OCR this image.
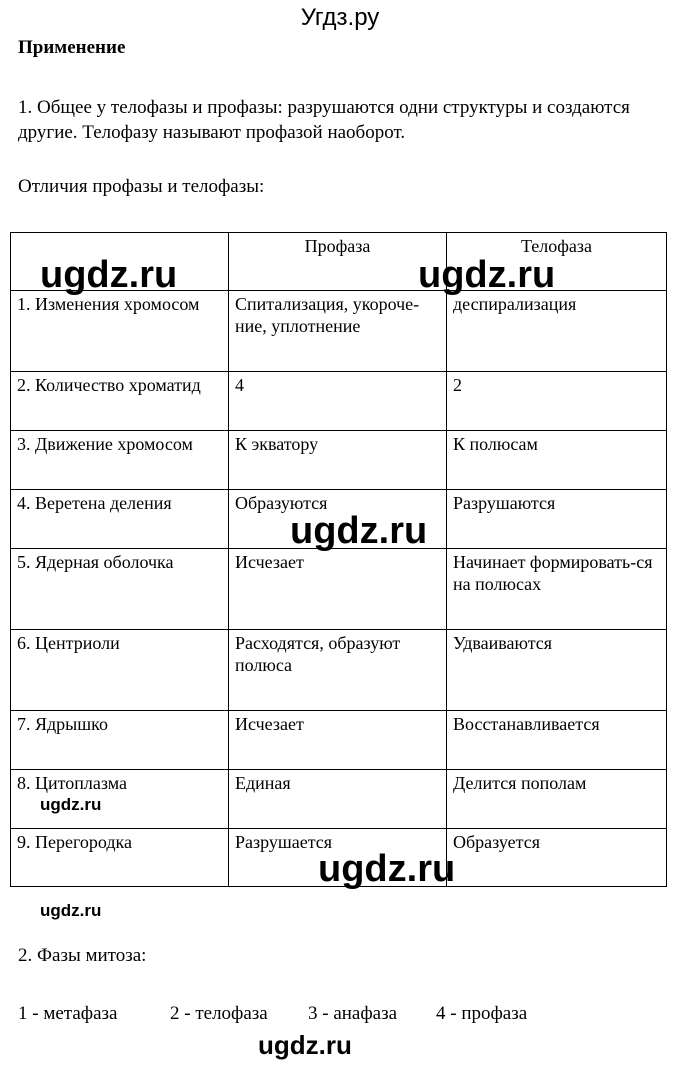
Угдз.ру
Применение
1. Общее у телофазы и профазы: разрушаются одни структуры и создаются другие. Телофазу называют профазой наоборот.
Отличия профазы и телофазы:
	Профаза	Телофаза
1. Изменения хромосом	Спитализация, укороче-ние, уплотнение	деспирализация
2. Количество хроматид	4	2
3. Движение хромосом	К экватору	К полюсам
4. Веретена деления	Образуются	Разрушаются
5. Ядерная оболочка	Исчезает	Начинает формировать-ся на полюсах
6. Центриоли	Расходятся, образуют полюса	Удваиваются
7. Ядрышко	Исчезает	Восстанавливается
8. Цитоплазма	Единая	Делится пополам
9. Перегородка	Разрушается	Образуется
ugdz.ru	ugdz.ru
ugdz.ru
ugdz.ru
ugdz.ru
ugdz.ru
ugdz.ru
2. Фазы митоза:
1 - метафаза	2 - телофаза 3 - анафаза 4 - профаза
